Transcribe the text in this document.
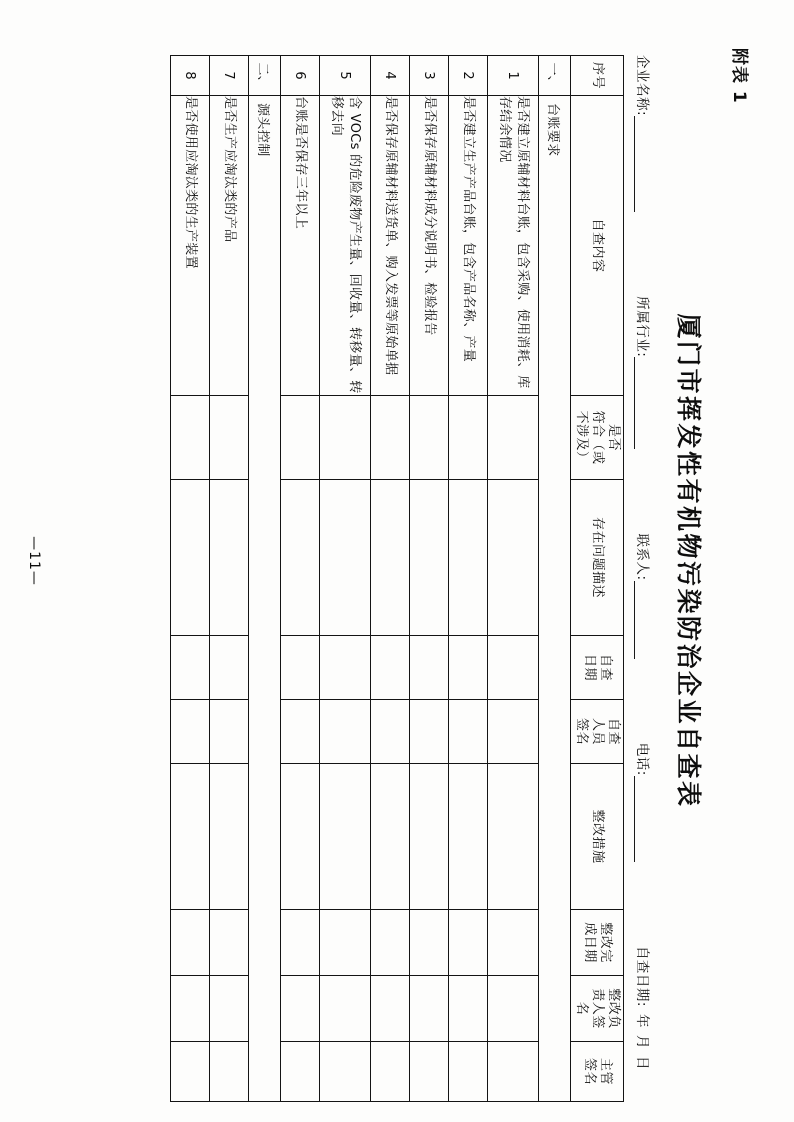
附表 1
厦门市挥发性有机物污染防治企业自查表
企业名称:
所属行业:
联系人:
电话:
自查日期:
年
月
日
序号	自查内容	是否
符合（或
不涉及）	存在问题描述	自查
日期	自查
人员
签名	整改措施	整改完
成日期	整改负
责人签
名	主管
签名

一、	台账要求								
1	是否建立原辅材料台账，包含采购、使用消耗、库存结余情况								
2	是否建立生产产品台账，包含产品名称、产量								
3	是否保存原辅材料成分说明书、检验报告								
4	是否保存原辅材料送货单、购入发票等原始单据								
5	含 VOCs 的危险废物产生量、回收量、转移量、转移去向								
6	台账是否保存三年以上								
二、	源头控制								
7	是否生产应淘汰类的产品								
8	是否使用应淘汰类的生产装置								
—11—
